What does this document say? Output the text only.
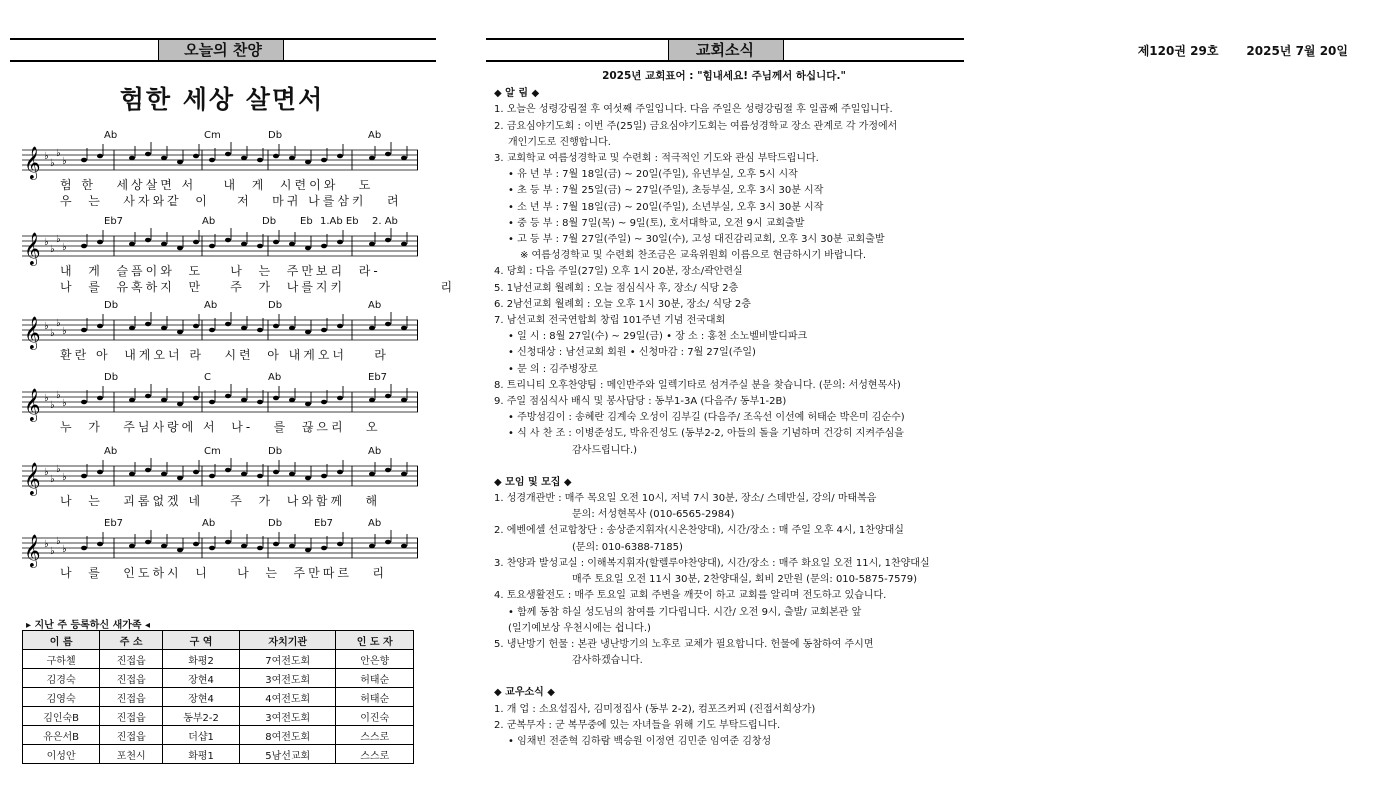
오늘의 찬양
험한 세상 살면서
Ab	Cm	Db	Ab
𝄞 ♭
♭
♭
♭
험 한   세상살면 서    내  게  시련이와   도
우  는   사자와같  이    저   마귀 나를삼키   려
Eb7	Ab	Db Eb 1.Ab Eb 2. Ab
𝄞 ♭
♭
♭
♭
내  게  슬픔이와  도    나  는  주만보리  라-
나  를  유혹하지  만    주  가  나를지키              리
Db	Ab	Db	Ab
𝄞 ♭
♭
♭
♭
환란 아  내게오너 라   시련  아 내게오너    라
Db	C	Ab	Eb7
𝄞 ♭
♭
♭
♭
누  가   주님사랑에 서  나-   를  끊으리   오
Ab	Cm	Db	Ab
𝄞 ♭
♭
♭
♭
나  는   괴롬없겠 네    주  가  나와함께   해
Eb7	Ab	Db	Eb7	Ab
𝄞 ♭
♭
♭
♭
나  를   인도하시  니    나  는  주만따르   리
▸ 지난 주 등록하신 새가족 ◂
이 름	주 소	구 역	자치기관	인 도 자
구하첼	진접읍	화평2	7여전도회	안은향
김경숙	진접읍	장현4	3여전도회	허태순
김영숙	진접읍	장현4	4여전도회	허태순
김인숙B	진접읍	동부2-2	3여전도회	이진숙
유은서B	진접읍	더샵1	8여전도회	스스로
이성안	포천시	화평1	5남선교회	스스로
교회소식	제120권 29호 2025년 7월 20일
2025년 교회표어 : "힘내세요! 주님께서 하십니다."
◆ 알 림 ◆
1. 오늘은 성령강림절 후 여섯째 주일입니다. 다음 주일은 성령강림절 후 일곱째 주일입니다.
2. 금요심야기도회 : 이번 주(25일) 금요심야기도회는 여름성경학교 장소 관계로 각 가정에서
개인기도로 진행합니다.
3. 교회학교 여름성경학교 및 수련회 : 적극적인 기도와 관심 부탁드립니다.
• 유 년 부 : 7월 18일(금) ~ 20일(주일), 유년부실, 오후 5시 시작
• 초 등 부 : 7월 25일(금) ~ 27일(주일), 초등부실, 오후 3시 30분 시작
• 소 년 부 : 7월 18일(금) ~ 20일(주일), 소년부실, 오후 3시 30분 시작
• 중 등 부 : 8월 7일(목) ~ 9일(토), 호서대학교, 오전 9시 교회출발
• 고 등 부 : 7월 27일(주일) ~ 30일(수), 고성 대진감리교회, 오후 3시 30분 교회출발
※ 여름성경학교 및 수련회 찬조금은 교육위원회 이름으로 현금하시기 바랍니다.
4. 당회 : 다음 주일(27일) 오후 1시 20분, 장소/곽안련실
5. 1남선교회 월례회 : 오늘 점심식사 후, 장소/ 식당 2층
6. 2남선교회 월례회 : 오늘 오후 1시 30분, 장소/ 식당 2층
7. 남선교회 전국연합회 창립 101주년 기념 전국대회
• 일 시 : 8월 27일(수) ~ 29일(금) • 장 소 : 홍천 소노벨비발디파크
• 신청대상 : 남선교회 회원 • 신청마감 : 7월 27일(주일)
• 문 의 : 김주병장로
8. 트리니티 오후찬양팀 : 메인반주와 일렉기타로 섬겨주실 분을 찾습니다. (문의: 서성현목사)
9. 주일 점심식사 배식 및 봉사담당 : 동부1-3A (다음주/ 동부1-2B)
• 주방섬김이 : 송혜란 김계숙 오성이 김부길 (다음주/ 조옥선 이선예 허태순 박은미 김순수)
• 식 사 찬 조 : 이병준성도, 박유진성도 (동부2-2, 아들의 돌을 기념하며 건강히 지켜주심을
감사드립니다.)
◆ 모임 및 모집 ◆
1. 성경개관반 : 매주 목요일 오전 10시, 저녁 7시 30분, 장소/ 스데반실, 강의/ 마태복음
문의: 서성현목사 (010-6565-2984)
2. 에벤에셀 선교합창단 : 송상준지휘자(시온찬양대), 시간/장소 : 매 주일 오후 4시, 1찬양대실
(문의: 010-6388-7185)
3. 찬양과 발성교실 : 이해복지휘자(할렐루야찬양대), 시간/장소 : 매주 화요일 오전 11시, 1찬양대실
매주 토요일 오전 11시 30분, 2찬양대실, 회비 2만원 (문의: 010-5875-7579)
4. 토요생활전도 : 매주 토요일 교회 주변을 깨끗이 하고 교회를 알리며 전도하고 있습니다.
• 함께 동참 하실 성도님의 참여를 기다립니다. 시간/ 오전 9시, 출발/ 교회본관 앞
(일기예보상 우천시에는 쉽니다.)
5. 냉난방기 헌물 : 본관 냉난방기의 노후로 교체가 필요합니다. 헌물에 동참하여 주시면
감사하겠습니다.
◆ 교우소식 ◆
1. 개 업 : 소요섭집사, 김미정집사 (동부 2-2), 컴포즈커피 (진접서희상가)
2. 군복무자 : 군 복무중에 있는 자녀들을 위해 기도 부탁드립니다.
• 임채빈 전준혁 김하람 백승원 이정연 김민준 임여준 김창성
